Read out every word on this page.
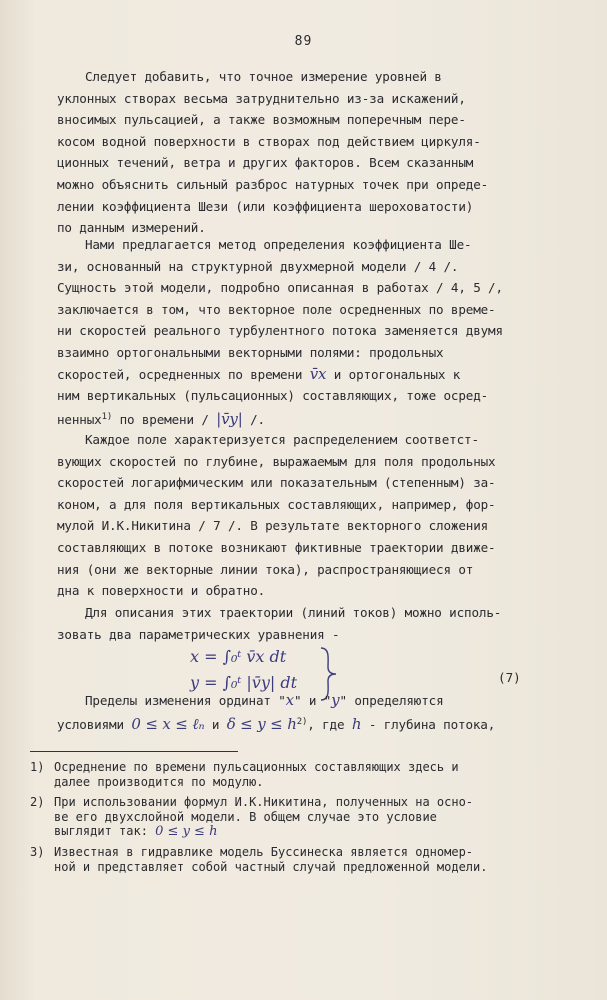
89
Следует добавить, что точное измерение уровней в
уклонных створах весьма затруднительно из-за искажений,
вносимых пульсацией, а также возможным поперечным пере-
косом водной поверхности в створах под действием циркуля-
ционных течений, ветра и других факторов. Всем сказанным
можно объяснить сильный разброс натурных точек при опреде-
лении коэффициента Шези (или коэффициента шероховатости)
по данным измерений.
Нами предлагается метод определения коэффициента Ше-
зи, основанный на структурной двухмерной модели / 4 /.
Сущность этой модели, подробно описанная в работах / 4, 5 /,
заключается в том, что векторное поле осредненных по време-
ни скоростей реального турбулентного потока заменяется двумя
взаимно ортогональными векторными полями: продольных
скоростей, осредненных по времени v̄x и ортогональных к
ним вертикальных (пульсационных) составляющих, тоже осред-
ненных$^{1)}$ по времени / |v̄y| /.
Каждое поле характеризуется распределением соответст-
вующих скоростей по глубине, выражаемым для поля продольных
скоростей логарифмическим или показательным (степенным) за-
коном, а для поля вертикальных составляющих, например, фор-
мулой И.К.Никитина / 7 /. В результате векторного сложения
составляющих в потоке возникают фиктивные траектории движе-
ния (они же векторные линии тока), распространяющиеся от
дна к поверхности и обратно.
Для описания этих траектории (линий токов) можно исполь-
зовать два параметрических уравнения -
x = ∫₀ᵗ v̄x dt
y = ∫₀ᵗ |v̄y| dt	(7)
Пределы изменения ординат "x" и "y" определяются
условиями 0 ≤ x ≤ ℓₙ и $\delta \le y \le h^{2)}$, где h - глубина потока,
1) Осреднение по времени пульсационных составляющих здесь и
далее производится по модулю.
2) При использовании формул И.К.Никитина, полученных на осно-
ве его двухслойной модели. В общем случае это условие
выглядит так: 0 ≤ y ≤ h
3) Известная в гидравлике модель Буссинеска является одномер-
ной и представляет собой частный случай предложенной модели.
